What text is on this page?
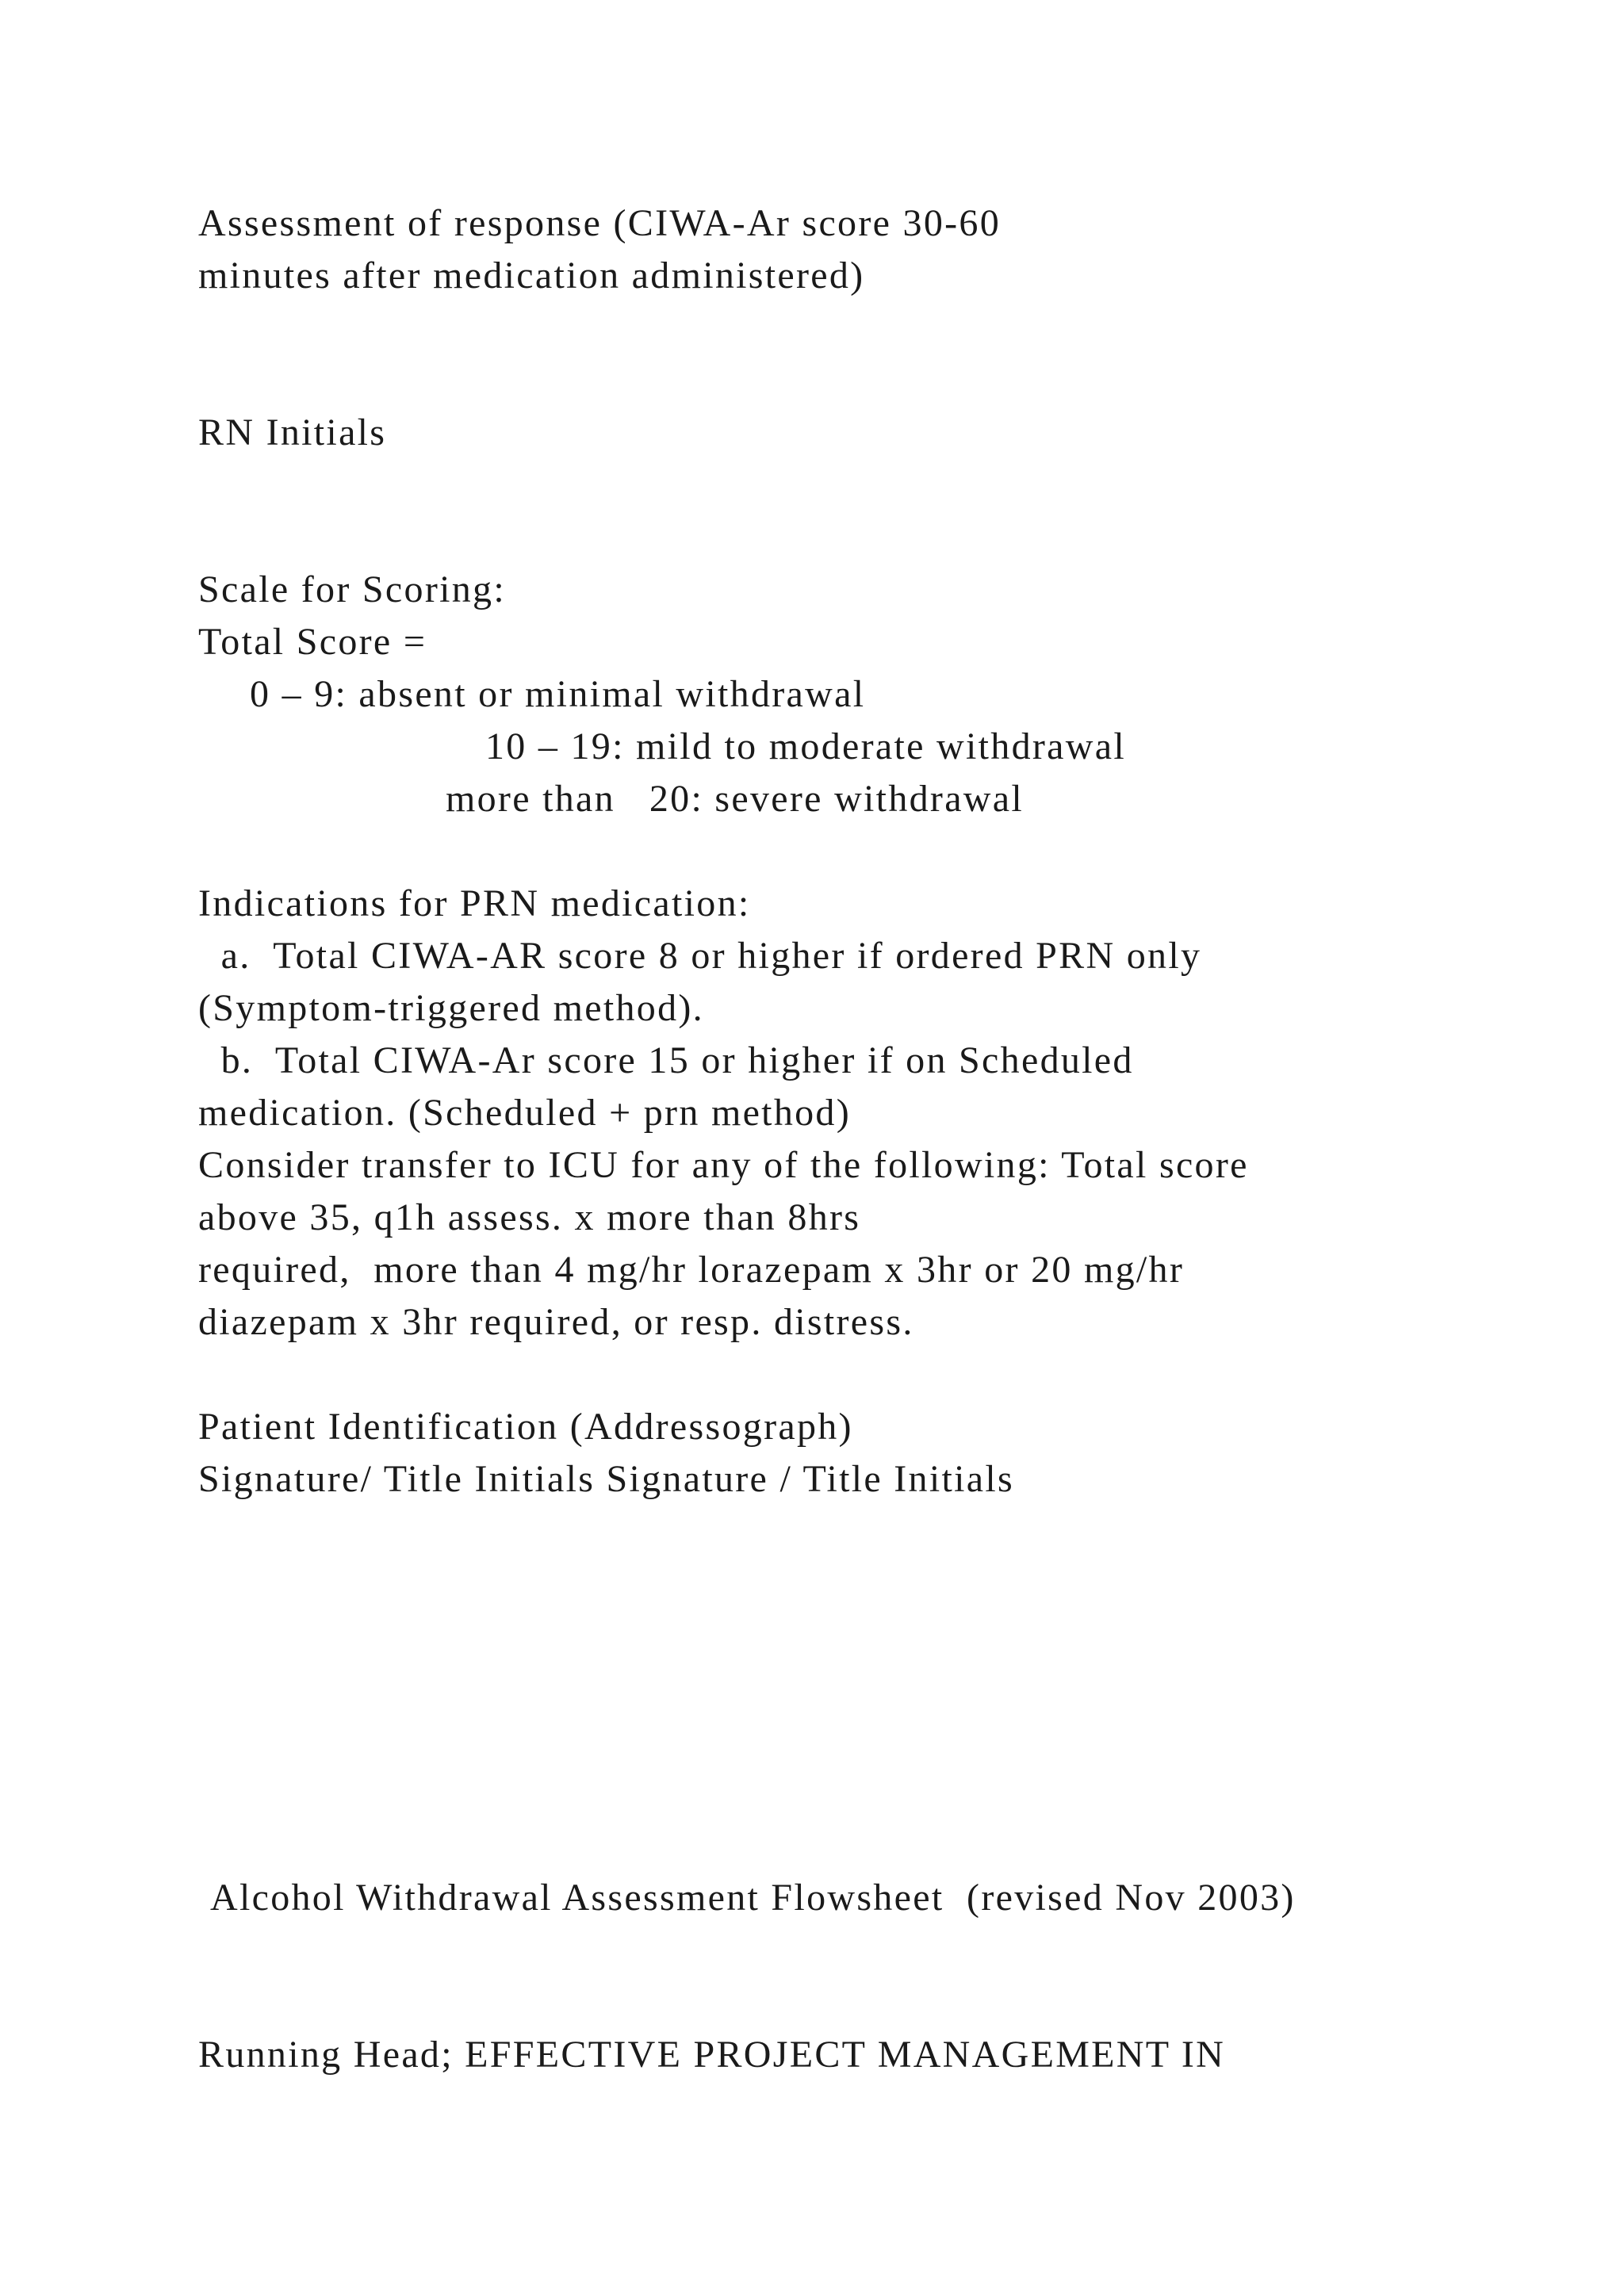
Assessment of response (CIWA-Ar score 30-60
minutes after medication administered)
RN Initials
Scale for Scoring:
Total Score =
0 – 9: absent or minimal withdrawal
10 – 19: mild to moderate withdrawal
more than   20: severe withdrawal
Indications for PRN medication:
a.  Total CIWA-AR score 8 or higher if ordered PRN only
(Symptom-triggered method).
b.  Total CIWA-Ar score 15 or higher if on Scheduled
medication. (Scheduled + prn method)
Consider transfer to ICU for any of the following: Total score
above 35, q1h assess. x more than 8hrs
required,  more than 4 mg/hr lorazepam x 3hr or 20 mg/hr
diazepam x 3hr required, or resp. distress.
Patient Identification (Addressograph)
Signature/ Title Initials Signature / Title Initials
Alcohol Withdrawal Assessment Flowsheet  (revised Nov 2003)
Running Head; EFFECTIVE PROJECT MANAGEMENT IN
